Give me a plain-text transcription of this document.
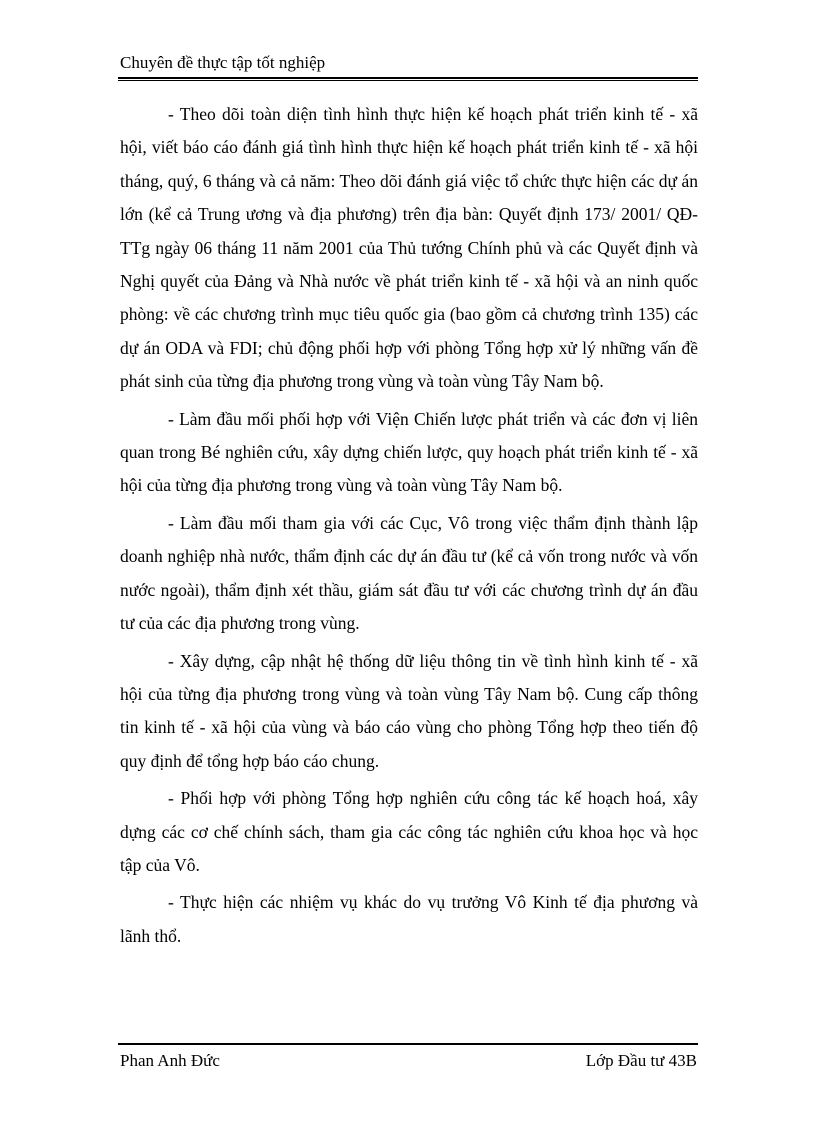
Chuyên đề thực tập tốt nghiệp

- Theo dõi toàn diện tình hình thực hiện kế hoạch phát triển kinh tế - xã hội, viết báo cáo đánh giá tình hình thực hiện kế hoạch phát triển kinh tế - xã hội tháng, quý, 6 tháng và cả năm: Theo dõi đánh giá việc tổ chức thực hiện các dự án lớn (kể cả Trung ương và địa phương) trên địa bàn: Quyết định 173/ 2001/ QĐ-TTg ngày 06 tháng 11 năm 2001 của Thủ tướng Chính phủ và các Quyết định và Nghị quyết của Đảng và Nhà nước về phát triển kinh tế - xã hội và an ninh quốc phòng: về các chương trình mục tiêu quốc gia (bao gồm cả chương trình 135) các dự án ODA và FDI; chủ động phối hợp với phòng Tổng hợp xử lý những vấn đề phát sinh của từng địa phương trong vùng và toàn vùng Tây Nam bộ.

- Làm đầu mối phối hợp với Viện Chiến lược phát triển và các đơn vị liên quan trong Bé nghiên cứu, xây dựng chiến lược, quy hoạch phát triển kinh tế - xã hội của từng địa phương trong vùng và toàn vùng Tây Nam bộ.

- Làm đầu mối tham gia với các Cục, Vô trong việc thẩm định thành lập doanh nghiệp nhà nước, thẩm định các dự án đầu tư (kể cả vốn trong nước và vốn nước ngoài), thẩm định xét thầu, giám sát đầu tư với các chương trình dự án đầu tư của các địa phương trong vùng.

- Xây dựng, cập nhật hệ thống dữ liệu thông tin về tình hình kinh tế - xã hội của từng địa phương trong vùng và toàn vùng Tây Nam bộ. Cung cấp thông tin kinh tế - xã hội của vùng và báo cáo vùng cho phòng Tổng hợp theo tiến độ quy định để tổng hợp báo cáo chung.

- Phối hợp với phòng Tổng hợp nghiên cứu công tác kế hoạch hoá, xây dựng các cơ chế chính sách, tham gia các công tác nghiên cứu khoa học và học tập của Vô.

- Thực hiện các nhiệm vụ khác do vụ trưởng Vô Kinh tế địa phương và lãnh thổ.

Phan Anh Đức	Lớp Đầu tư 43B
